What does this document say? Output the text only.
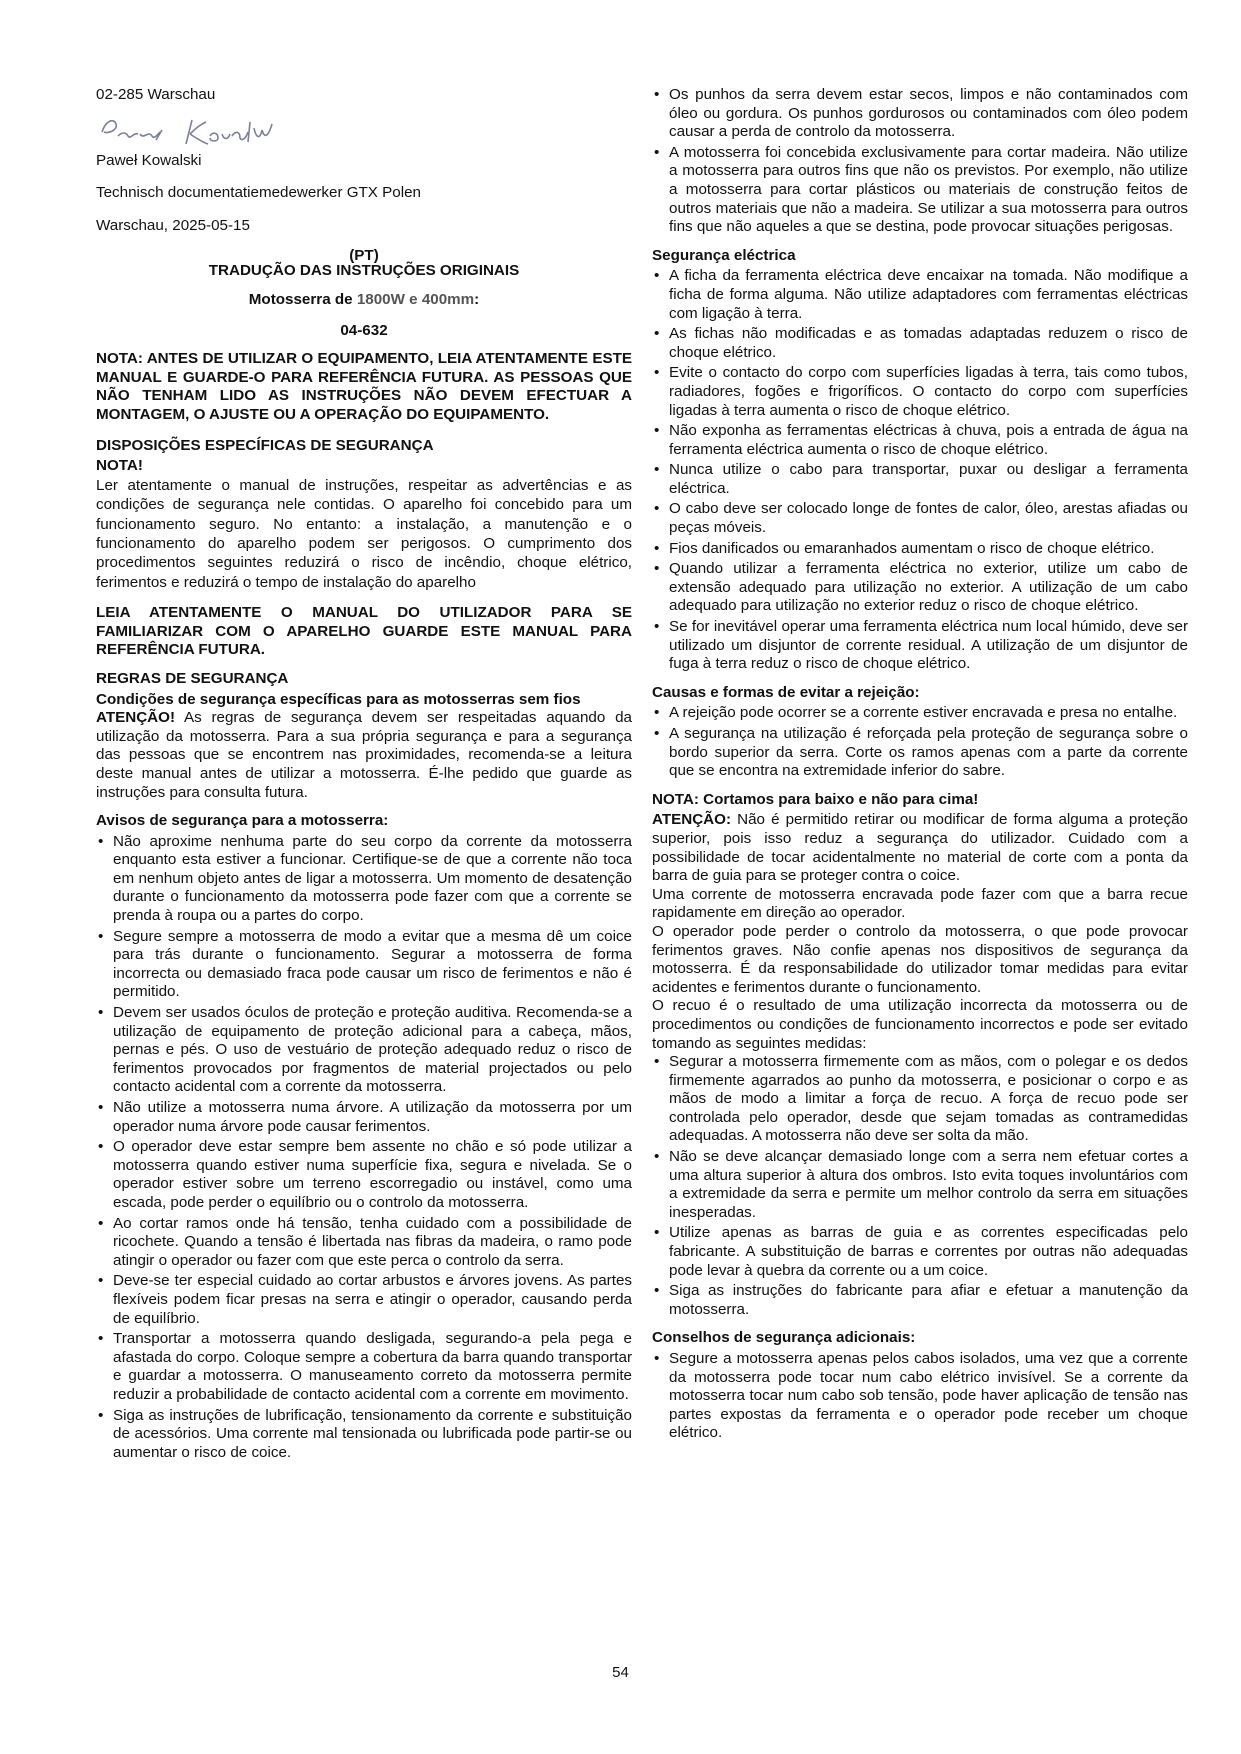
02-285 Warschau

Paweł Kowalski

Technisch documentatiemedewerker GTX Polen

Warschau, 2025-05-15

(PT)

TRADUÇÃO DAS INSTRUÇÕES ORIGINAIS

Motosserra de 1800W e 400mm:

04-632

NOTA: ANTES DE UTILIZAR O EQUIPAMENTO, LEIA ATENTAMENTE ESTE MANUAL E GUARDE-O PARA REFERÊNCIA FUTURA. AS PESSOAS QUE NÃO TENHAM LIDO AS INSTRUÇÕES NÃO DEVEM EFECTUAR A MONTAGEM, O AJUSTE OU A OPERAÇÃO DO EQUIPAMENTO.

DISPOSIÇÕES ESPECÍFICAS DE SEGURANÇA

NOTA!

Ler atentamente o manual de instruções, respeitar as advertências e as condições de segurança nele contidas. O aparelho foi concebido para um funcionamento seguro. No entanto: a instalação, a manutenção e o funcionamento do aparelho podem ser perigosos. O cumprimento dos procedimentos seguintes reduzirá o risco de incêndio, choque elétrico, ferimentos e reduzirá o tempo de instalação do aparelho

LEIA ATENTAMENTE O MANUAL DO UTILIZADOR PARA SE FAMILIARIZAR COM O APARELHO GUARDE ESTE MANUAL PARA REFERÊNCIA FUTURA.

REGRAS DE SEGURANÇA

Condições de segurança específicas para as motosserras sem fios

ATENÇÃO! As regras de segurança devem ser respeitadas aquando da utilização da motosserra. Para a sua própria segurança e para a segurança das pessoas que se encontrem nas proximidades, recomenda-se a leitura deste manual antes de utilizar a motosserra. É-lhe pedido que guarde as instruções para consulta futura.

Avisos de segurança para a motosserra:

• Não aproxime nenhuma parte do seu corpo da corrente da motosserra enquanto esta estiver a funcionar. Certifique-se de que a corrente não toca em nenhum objeto antes de ligar a motosserra. Um momento de desatenção durante o funcionamento da motosserra pode fazer com que a corrente se prenda à roupa ou a partes do corpo.
• Segure sempre a motosserra de modo a evitar que a mesma dê um coice para trás durante o funcionamento. Segurar a motosserra de forma incorrecta ou demasiado fraca pode causar um risco de ferimentos e não é permitido.
• Devem ser usados óculos de proteção e proteção auditiva. Recomenda-se a utilização de equipamento de proteção adicional para a cabeça, mãos, pernas e pés. O uso de vestuário de proteção adequado reduz o risco de ferimentos provocados por fragmentos de material projectados ou pelo contacto acidental com a corrente da motosserra.
• Não utilize a motosserra numa árvore. A utilização da motosserra por um operador numa árvore pode causar ferimentos.
• O operador deve estar sempre bem assente no chão e só pode utilizar a motosserra quando estiver numa superfície fixa, segura e nivelada. Se o operador estiver sobre um terreno escorregadio ou instável, como uma escada, pode perder o equilíbrio ou o controlo da motosserra.
• Ao cortar ramos onde há tensão, tenha cuidado com a possibilidade de ricochete. Quando a tensão é libertada nas fibras da madeira, o ramo pode atingir o operador ou fazer com que este perca o controlo da serra.
• Deve-se ter especial cuidado ao cortar arbustos e árvores jovens. As partes flexíveis podem ficar presas na serra e atingir o operador, causando perda de equilíbrio.
• Transportar a motosserra quando desligada, segurando-a pela pega e afastada do corpo. Coloque sempre a cobertura da barra quando transportar e guardar a motosserra. O manuseamento correto da motosserra permite reduzir a probabilidade de contacto acidental com a corrente em movimento.
• Siga as instruções de lubrificação, tensionamento da corrente e substituição de acessórios. Uma corrente mal tensionada ou lubrificada pode partir-se ou aumentar o risco de coice.
• Os punhos da serra devem estar secos, limpos e não contaminados com óleo ou gordura. Os punhos gordurosos ou contaminados com óleo podem causar a perda de controlo da motosserra.
• A motosserra foi concebida exclusivamente para cortar madeira. Não utilize a motosserra para outros fins que não os previstos. Por exemplo, não utilize a motosserra para cortar plásticos ou materiais de construção feitos de outros materiais que não a madeira. Se utilizar a sua motosserra para outros fins que não aqueles a que se destina, pode provocar situações perigosas.

Segurança eléctrica

• A ficha da ferramenta eléctrica deve encaixar na tomada. Não modifique a ficha de forma alguma. Não utilize adaptadores com ferramentas eléctricas com ligação à terra.
• As fichas não modificadas e as tomadas adaptadas reduzem o risco de choque elétrico.
• Evite o contacto do corpo com superfícies ligadas à terra, tais como tubos, radiadores, fogões e frigoríficos. O contacto do corpo com superfícies ligadas à terra aumenta o risco de choque elétrico.
• Não exponha as ferramentas eléctricas à chuva, pois a entrada de água na ferramenta eléctrica aumenta o risco de choque elétrico.
• Nunca utilize o cabo para transportar, puxar ou desligar a ferramenta eléctrica.
• O cabo deve ser colocado longe de fontes de calor, óleo, arestas afiadas ou peças móveis.
• Fios danificados ou emaranhados aumentam o risco de choque elétrico.
• Quando utilizar a ferramenta eléctrica no exterior, utilize um cabo de extensão adequado para utilização no exterior. A utilização de um cabo adequado para utilização no exterior reduz o risco de choque elétrico.
• Se for inevitável operar uma ferramenta eléctrica num local húmido, deve ser utilizado um disjuntor de corrente residual. A utilização de um disjuntor de fuga à terra reduz o risco de choque elétrico.

Causas e formas de evitar a rejeição:

• A rejeição pode ocorrer se a corrente estiver encravada e presa no entalhe.
• A segurança na utilização é reforçada pela proteção de segurança sobre o bordo superior da serra. Corte os ramos apenas com a parte da corrente que se encontra na extremidade inferior do sabre.

NOTA: Cortamos para baixo e não para cima!

ATENÇÃO: Não é permitido retirar ou modificar de forma alguma a proteção superior, pois isso reduz a segurança do utilizador. Cuidado com a possibilidade de tocar acidentalmente no material de corte com a ponta da barra de guia para se proteger contra o coice.

Uma corrente de motosserra encravada pode fazer com que a barra recue rapidamente em direção ao operador.

O operador pode perder o controlo da motosserra, o que pode provocar ferimentos graves. Não confie apenas nos dispositivos de segurança da motosserra. É da responsabilidade do utilizador tomar medidas para evitar acidentes e ferimentos durante o funcionamento.

O recuo é o resultado de uma utilização incorrecta da motosserra ou de procedimentos ou condições de funcionamento incorrectos e pode ser evitado tomando as seguintes medidas:

• Segurar a motosserra firmemente com as mãos, com o polegar e os dedos firmemente agarrados ao punho da motosserra, e posicionar o corpo e as mãos de modo a limitar a força de recuo. A força de recuo pode ser controlada pelo operador, desde que sejam tomadas as contramedidas adequadas. A motosserra não deve ser solta da mão.
• Não se deve alcançar demasiado longe com a serra nem efetuar cortes a uma altura superior à altura dos ombros. Isto evita toques involuntários com a extremidade da serra e permite um melhor controlo da serra em situações inesperadas.
• Utilize apenas as barras de guia e as correntes especificadas pelo fabricante. A substituição de barras e correntes por outras não adequadas pode levar à quebra da corrente ou a um coice.
• Siga as instruções do fabricante para afiar e efetuar a manutenção da motosserra.

Conselhos de segurança adicionais:

• Segure a motosserra apenas pelos cabos isolados, uma vez que a corrente da motosserra pode tocar num cabo elétrico invisível. Se a corrente da motosserra tocar num cabo sob tensão, pode haver aplicação de tensão nas partes expostas da ferramenta e o operador pode receber um choque elétrico.
54
